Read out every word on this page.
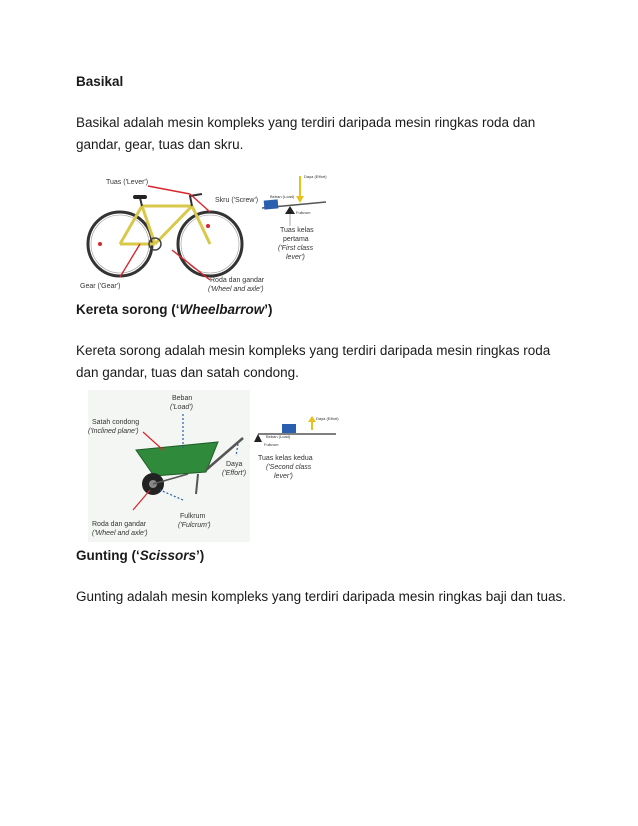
Basikal

Basikal adalah mesin kompleks yang terdiri daripada mesin ringkas roda dan gandar, gear, tuas dan skru.

Tuas ('Lever')
Skru ('Screw')
Gear ('Gear')
Roda dan gandar
('Wheel and axle')
Daya (Effort)
Beban (Load)
Fulkrum
Tuas kelas
pertama
('First class
lever')
Kereta sorong (‘Wheelbarrow’)

Kereta sorong adalah mesin kompleks yang terdiri daripada mesin ringkas roda dan gandar, tuas dan satah condong.

Beban
('Load')
Satah condong
('Inclined plane')
Daya
('Effort')
Roda dan gandar
('Wheel and axle')
Fulkrum
('Fulcrum')
Daya (Effort)
Beban (Load)
Fulkrum
Tuas kelas kedua
('Second class
lever')
Gunting (‘Scissors’)

Gunting adalah mesin kompleks yang terdiri daripada mesin ringkas baji dan tuas.
